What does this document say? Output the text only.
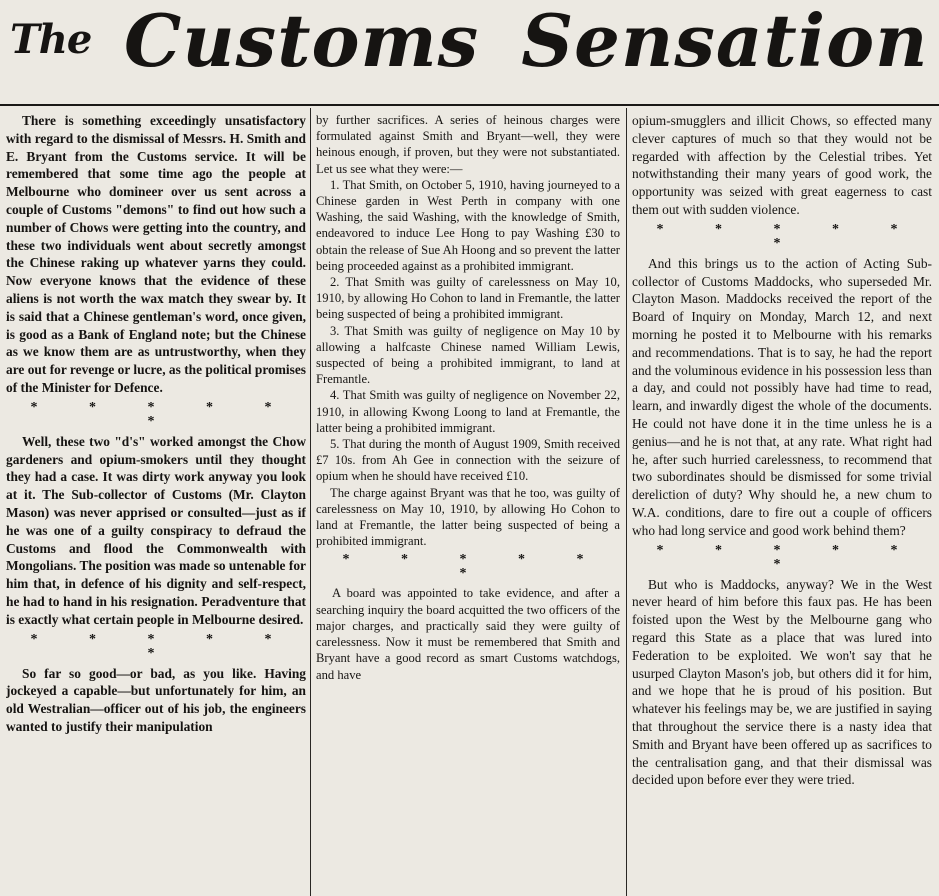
The Customs Sensation

There is something exceedingly unsatisfactory with regard to the dismissal of Messrs. H. Smith and E. Bryant from the Customs service. It will be remembered that some time ago the people at Melbourne who domineer over us sent across a couple of Customs "demons" to find out how such a number of Chows were getting into the country, and these two individuals went about secretly amongst the Chinese raking up whatever yarns they could. Now everyone knows that the evidence of these aliens is not worth the wax match they swear by. It is said that a Chinese gentleman's word, once given, is good as a Bank of England note; but the Chinese as we know them are as untrustworthy, when they are out for revenge or lucre, as the political promises of the Minister for Defence.

* * * * * *

Well, these two "d's" worked amongst the Chow gardeners and opium-smokers until they thought they had a case. It was dirty work anyway you look at it. The Sub-collector of Customs (Mr. Clayton Mason) was never apprised or consulted—just as if he was one of a guilty conspiracy to defraud the Customs and flood the Commonwealth with Mongolians. The position was made so untenable for him that, in defence of his dignity and self-respect, he had to hand in his resignation. Peradventure that is exactly what certain people in Melbourne desired.

* * * * * *

So far so good—or bad, as you like. Having jockeyed a capable—but unfortunately for him, an old Westralian—officer out of his job, the engineers wanted to justify their manipulation

by further sacrifices. A series of heinous charges were formulated against Smith and Bryant—well, they were heinous enough, if proven, but they were not substantiated. Let us see what they were:—

1. That Smith, on October 5, 1910, having journeyed to a Chinese garden in West Perth in company with one Washing, the said Washing, with the knowledge of Smith, endeavored to induce Lee Hong to pay Washing £30 to obtain the release of Sue Ah Hoong and so prevent the latter being proceeded against as a prohibited immigrant.

2. That Smith was guilty of carelessness on May 10, 1910, by allowing Ho Cohon to land in Fremantle, the latter being suspected of being a prohibited immigrant.

3. That Smith was guilty of negligence on May 10 by allowing a halfcaste Chinese named William Lewis, suspected of being a prohibited immigrant, to land at Fremantle.

4. That Smith was guilty of negligence on November 22, 1910, in allowing Kwong Loong to land at Fremantle, the latter being a prohibited immigrant.

5. That during the month of August 1909, Smith received £7 10s. from Ah Gee in connection with the seizure of opium when he should have received £10.

The charge against Bryant was that he too, was guilty of carelessness on May 10, 1910, by allowing Ho Cohon to land at Fremantle, the latter being suspected of being a prohibited immigrant.

* * * * * *

A board was appointed to take evidence, and after a searching inquiry the board acquitted the two officers of the major charges, and practically said they were guilty of carelessness. Now it must be remembered that Smith and Bryant have a good record as smart Customs watchdogs, and have

opium-smugglers and illicit Chows, so effected many clever captures of much so that they would not be regarded with affection by the Celestial tribes. Yet notwithstanding their many years of good work, the opportunity was seized with great eagerness to cast them out with sudden violence.

* * * * * *

And this brings us to the action of Acting Sub-collector of Customs Maddocks, who superseded Mr. Clayton Mason. Maddocks received the report of the Board of Inquiry on Monday, March 12, and next morning he posted it to Melbourne with his remarks and recommendations. That is to say, he had the report and the voluminous evidence in his possession less than a day, and could not possibly have had time to read, learn, and inwardly digest the whole of the documents. He could not have done it in the time unless he is a genius—and he is not that, at any rate. What right had he, after such hurried carelessness, to recommend that two subordinates should be dismissed for some trivial dereliction of duty? Why should he, a new chum to W.A. conditions, dare to fire out a couple of officers who had long service and good work behind them?

* * * * * *

But who is Maddocks, anyway? We in the West never heard of him before this faux pas. He has been foisted upon the West by the Melbourne gang who regard this State as a place that was lured into Federation to be exploited. We won't say that he usurped Clayton Mason's job, but others did it for him, and we hope that he is proud of his position. But whatever his feelings may be, we are justified in saying that throughout the service there is a nasty idea that Smith and Bryant have been offered up as sacrifices to the centralisation gang, and that their dismissal was decided upon before ever they were tried.
